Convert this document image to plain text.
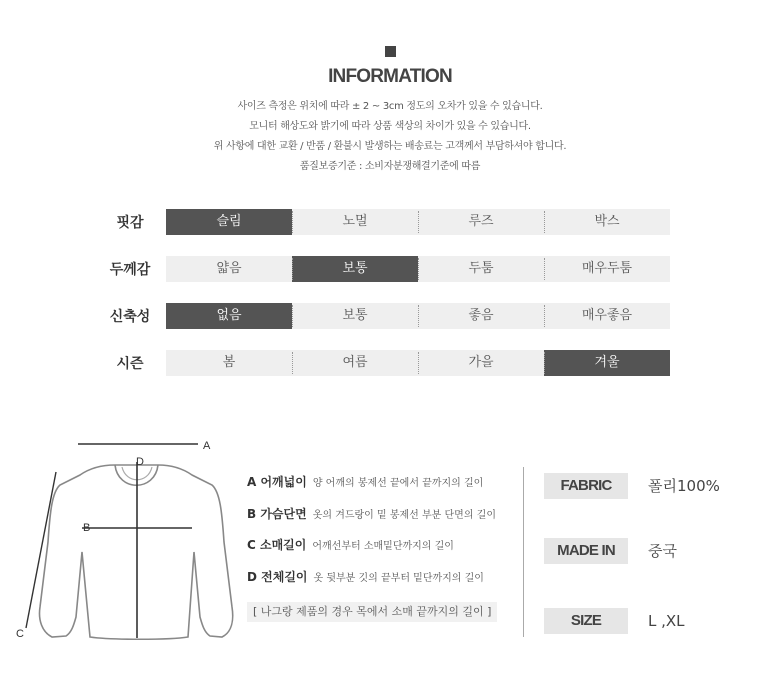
INFORMATION
사이즈 측정은 위치에 따라 ± 2 ~ 3cm 정도의 오차가 있을 수 있습니다.
모니터 해상도와 밝기에 따라 상품 색상의 차이가 있을 수 있습니다.
위 사항에 대한 교환 / 반품 / 환불시 발생하는 배송료는 고객께서 부담하셔야 합니다.
품질보증기준 : 소비자분쟁해결기준에 따름
핏감	슬림	노멀	루즈	박스
두께감	얇음	보통	두툼	매우두툼
신축성	없음	보통	좋음	매우좋음
시즌	봄	여름	가을	겨울
A
B
C
D
A 어깨넓이 양 어깨의 봉제선 끝에서 끝까지의 길이
B 가슴단면 옷의 겨드랑이 밑 봉제선 부분 단면의 길이
C 소매길이 어깨선부터 소매밑단까지의 길이
D 전체길이 옷 뒷부분 깃의 끝부터 밑단까지의 길이
[ 나그랑 제품의 경우 목에서 소매 끝까지의 길이 ]
FABRIC	폴리100%
MADE IN	중국
SIZE	L ,XL
